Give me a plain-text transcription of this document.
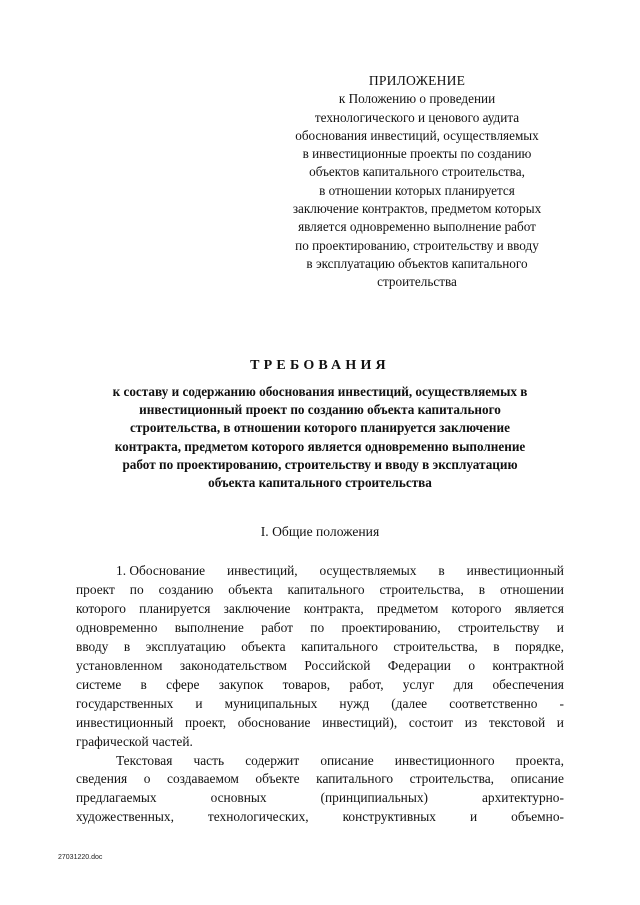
ПРИЛОЖЕНИЕ
к Положению о проведении
технологического и ценового аудита
обоснования инвестиций, осуществляемых
в инвестиционные проекты по созданию
объектов капитального строительства,
в отношении которых планируется
заключение контрактов, предметом которых
является одновременно выполнение работ
по проектированию, строительству и вводу
в эксплуатацию объектов капитального
строительства
ТРЕБОВАНИЯ
к составу и содержанию обоснования инвестиций, осуществляемых в
инвестиционный проект по созданию объекта капитального
строительства, в отношении которого планируется заключение
контракта, предметом которого является одновременно выполнение
работ по проектированию, строительству и вводу в эксплуатацию
объекта капитального строительства
I. Общие положения
1. Обоснование инвестиций, осуществляемых в инвестиционный
проект по созданию объекта капитального строительства, в отношении
которого планируется заключение контракта, предметом которого является
одновременно выполнение работ по проектированию, строительству и
вводу в эксплуатацию объекта капитального строительства, в порядке,
установленном законодательством Российской Федерации о контрактной
системе в сфере закупок товаров, работ, услуг для обеспечения
государственных и муниципальных нужд (далее соответственно -
инвестиционный проект, обоснование инвестиций), состоит из текстовой и
графической частей.
Текстовая часть содержит описание инвестиционного проекта,
сведения о создаваемом объекте капитального строительства, описание
предлагаемых	основных	(принципиальных)	архитектурно-
художественных,	технологических,	конструктивных	и	объемно-
27031220.doc
